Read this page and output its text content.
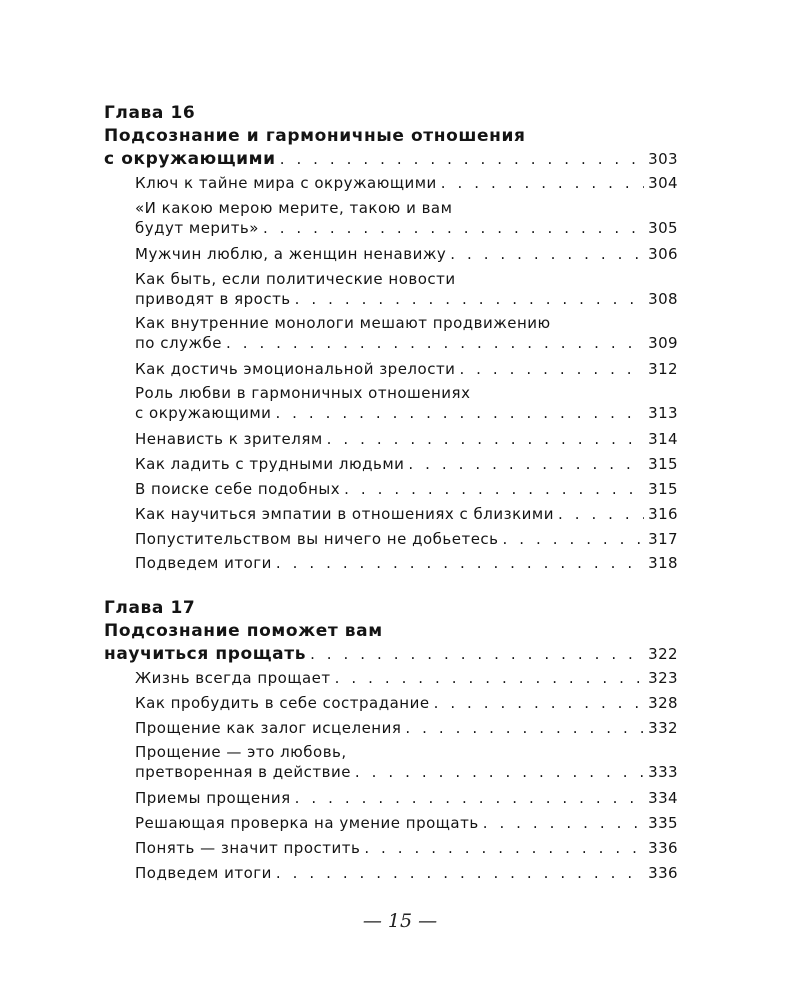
Глава 16
Подсознание и гармоничные отношения
с окружающими . . .	303
Ключ к тайне мира с окружающими . . .	304
«И какою мерою мерите, такою и вам
будут мерить» . . .	305
Мужчин люблю, а женщин ненавижу . . .	306
Как быть, если политические новости
приводят в ярость . . .	308
Как внутренние монологи мешают продвижению
по службе . . .	309
Как достичь эмоциональной зрелости . . .	312
Роль любви в гармоничных отношениях
с окружающими . . .	313
Ненависть к зрителям . . .	314
Как ладить с трудными людьми . . .	315
В поиске себе подобных . . .	315
Как научиться эмпатии в отношениях с близкими . . .	316
Попустительством вы ничего не добьетесь . . .	317
Подведем итоги . . .	318
Глава 17
Подсознание поможет вам
научиться прощать . . .	322
Жизнь всегда прощает . . .	323
Как пробудить в себе сострадание . . .	328
Прощение как залог исцеления . . .	332
Прощение — это любовь,
претворенная в действие . . .	333
Приемы прощения . . .	334
Решающая проверка на умение прощать . . .	335
Понять — значит простить . . .	336
Подведем итоги . . .	336
— 15 —
